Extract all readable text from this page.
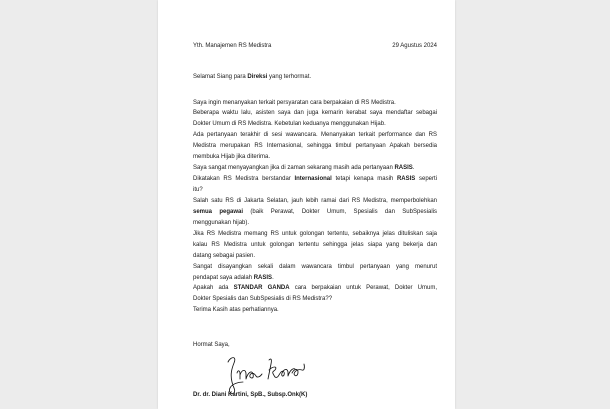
Yth. Manajemen RS Medistra	29 Agustus 2024
Selamat Siang para Direksi yang terhormat.
Saya ingin menanyakan terkait persyaratan cara berpakaian di RS Medistra.
Beberapa waktu lalu, asisten saya dan juga kemarin kerabat saya mendaftar sebagai
Dokter Umum di RS Medistra. Kebetulan keduanya menggunakan Hijab.
Ada pertanyaan terakhir di sesi wawancara. Menanyakan terkait performance dan RS
Medistra merupakan RS Internasional, sehingga timbul pertanyaan Apakah bersedia
membuka Hijab jika diterima.
Saya sangat menyayangkan jika di zaman sekarang masih ada pertanyaan RASIS.
Dikatakan RS Medistra berstandar Internasional tetapi kenapa masih RASIS seperti
itu?
Salah satu RS di Jakarta Selatan, jauh lebih ramai dari RS Medistra, memperbolehkan
semua pegawai (baik Perawat, Dokter Umum, Spesialis dan SubSpesialis
menggunakan hijab).
Jika RS Medistra memang RS untuk golongan tertentu, sebaiknya jelas dituliskan saja
kalau RS Medistra untuk golongan tertentu sehingga jelas siapa yang bekerja dan
datang sebagai pasien.
Sangat disayangkan sekali dalam wawancara timbul pertanyaan yang menurut
pendapat saya adalah RASIS.
Apakah ada STANDAR GANDA cara berpakaian untuk Perawat, Dokter Umum,
Dokter Spesialis dan SubSpesialis di RS Medistra??
Terima Kasih atas perhatiannya.
Hormat Saya,
Dr. dr. Diani Kartini, SpB., Subsp.Onk(K)
